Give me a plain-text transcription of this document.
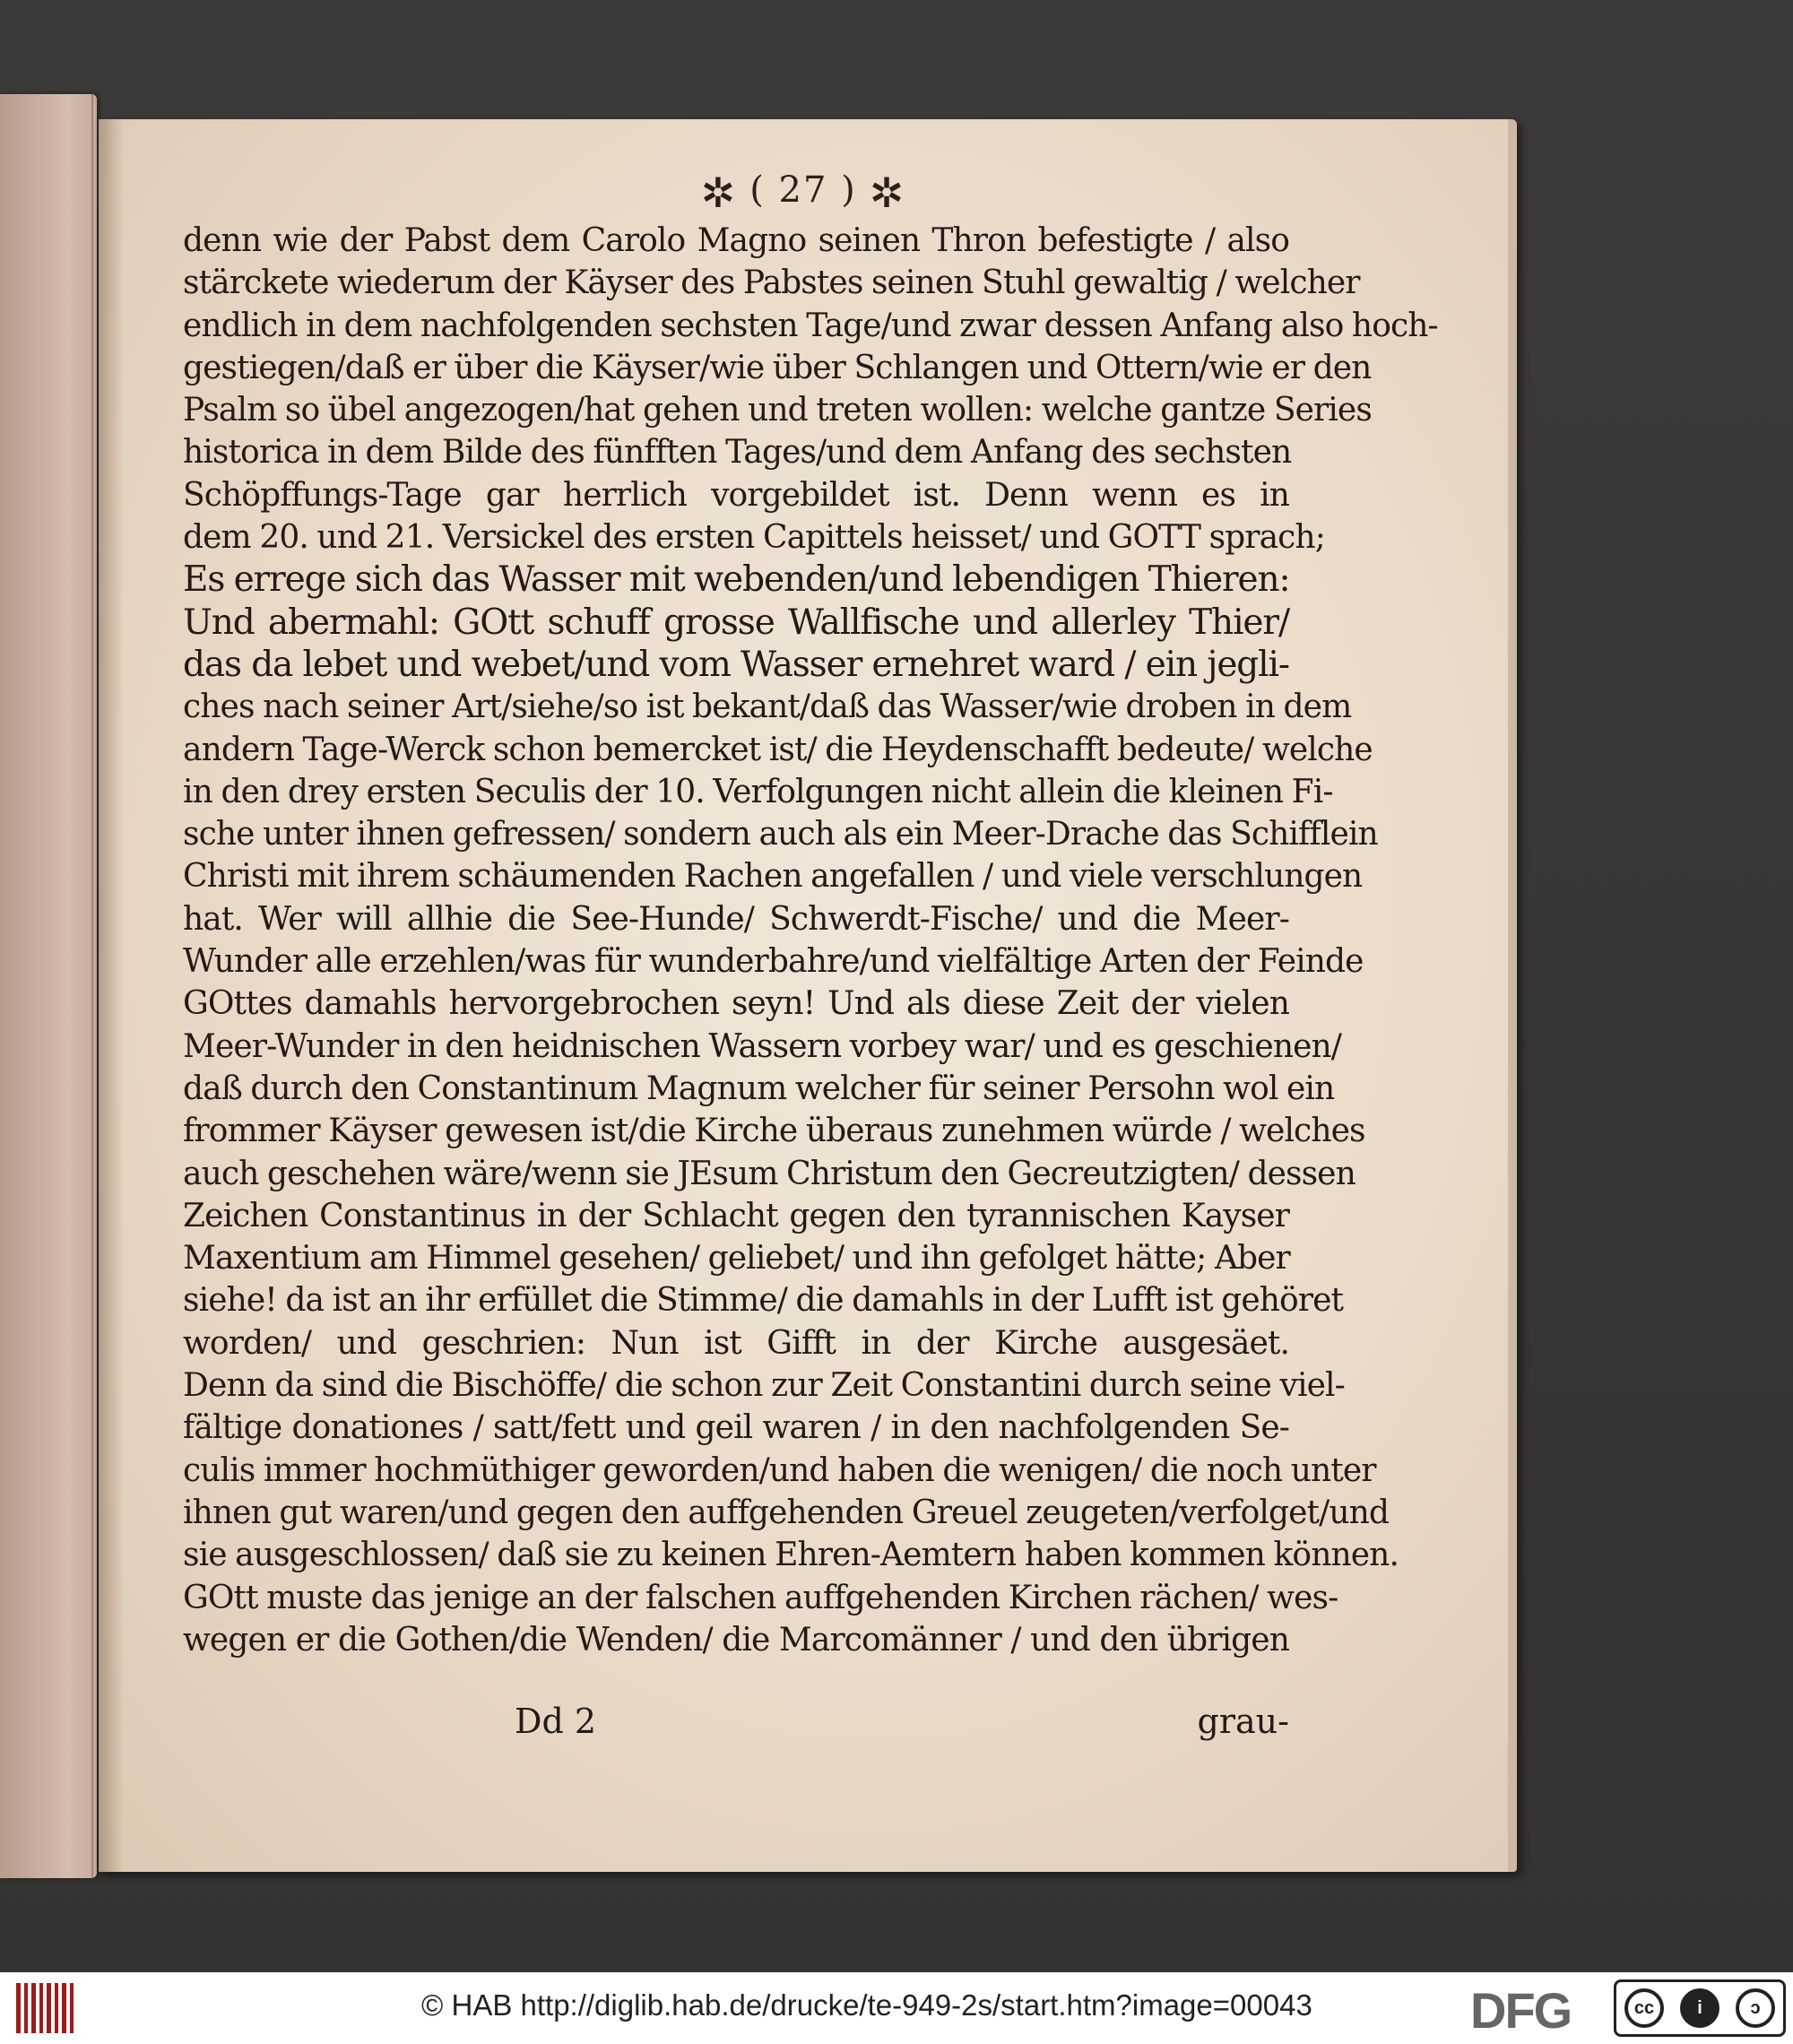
✲ ( 27 ) ✲
denn wie der Pabst dem Carolo Magno seinen Thron befestigte / also
stärckete wiederum der Käyser des Pabstes seinen Stuhl gewaltig / welcher
endlich in dem nachfolgenden sechsten Tage/und zwar dessen Anfang also hoch-
gestiegen/daß er über die Käyser/wie über Schlangen und Ottern/wie er den
Psalm so übel angezogen/hat gehen und treten wollen: welche gantze Series
historica in dem Bilde des fünfften Tages/und dem Anfang des sechsten
Schöpffungs-Tage gar herrlich vorgebildet ist. Denn wenn es in
dem 20. und 21. Versickel des ersten Capittels heisset/ und GOTT sprach;
Es errege sich das Wasser mit webenden/und lebendigen Thieren:
Und abermahl: GOtt schuff grosse Wallfische und allerley Thier/
das da lebet und webet/und vom Wasser ernehret ward / ein jegli-
ches nach seiner Art/siehe/so ist bekant/daß das Wasser/wie droben in dem
andern Tage-Werck schon bemercket ist/ die Heydenschafft bedeute/ welche
in den drey ersten Seculis der 10. Verfolgungen nicht allein die kleinen Fi-
sche unter ihnen gefressen/ sondern auch als ein Meer-Drache das Schifflein
Christi mit ihrem schäumenden Rachen angefallen / und viele verschlungen
hat. Wer will allhie die See-Hunde/ Schwerdt-Fische/ und die Meer-
Wunder alle erzehlen/was für wunderbahre/und vielfältige Arten der Feinde
GOttes damahls hervorgebrochen seyn! Und als diese Zeit der vielen
Meer-Wunder in den heidnischen Wassern vorbey war/ und es geschienen/
daß durch den Constantinum Magnum welcher für seiner Persohn wol ein
frommer Käyser gewesen ist/die Kirche überaus zunehmen würde / welches
auch geschehen wäre/wenn sie JEsum Christum den Gecreutzigten/ dessen
Zeichen Constantinus in der Schlacht gegen den tyrannischen Kayser
Maxentium am Himmel gesehen/ geliebet/ und ihn gefolget hätte; Aber
siehe! da ist an ihr erfüllet die Stimme/ die damahls in der Lufft ist gehöret
worden/ und geschrien: Nun ist Gifft in der Kirche ausgesäet.
Denn da sind die Bischöffe/ die schon zur Zeit Constantini durch seine viel-
fältige donationes / satt/fett und geil waren / in den nachfolgenden Se-
culis immer hochmüthiger geworden/und haben die wenigen/ die noch unter
ihnen gut waren/und gegen den auffgehenden Greuel zeugeten/verfolget/und
sie ausgeschlossen/ daß sie zu keinen Ehren-Aemtern haben kommen können.
GOtt muste das jenige an der falschen auffgehenden Kirchen rächen/ wes-
wegen er die Gothen/die Wenden/ die Marcomänner / und den übrigen
Dd 2	grau-
© HAB http://diglib.hab.de/drucke/te-949-2s/start.htm?image=00043	DFG	cc	i	ↄ
